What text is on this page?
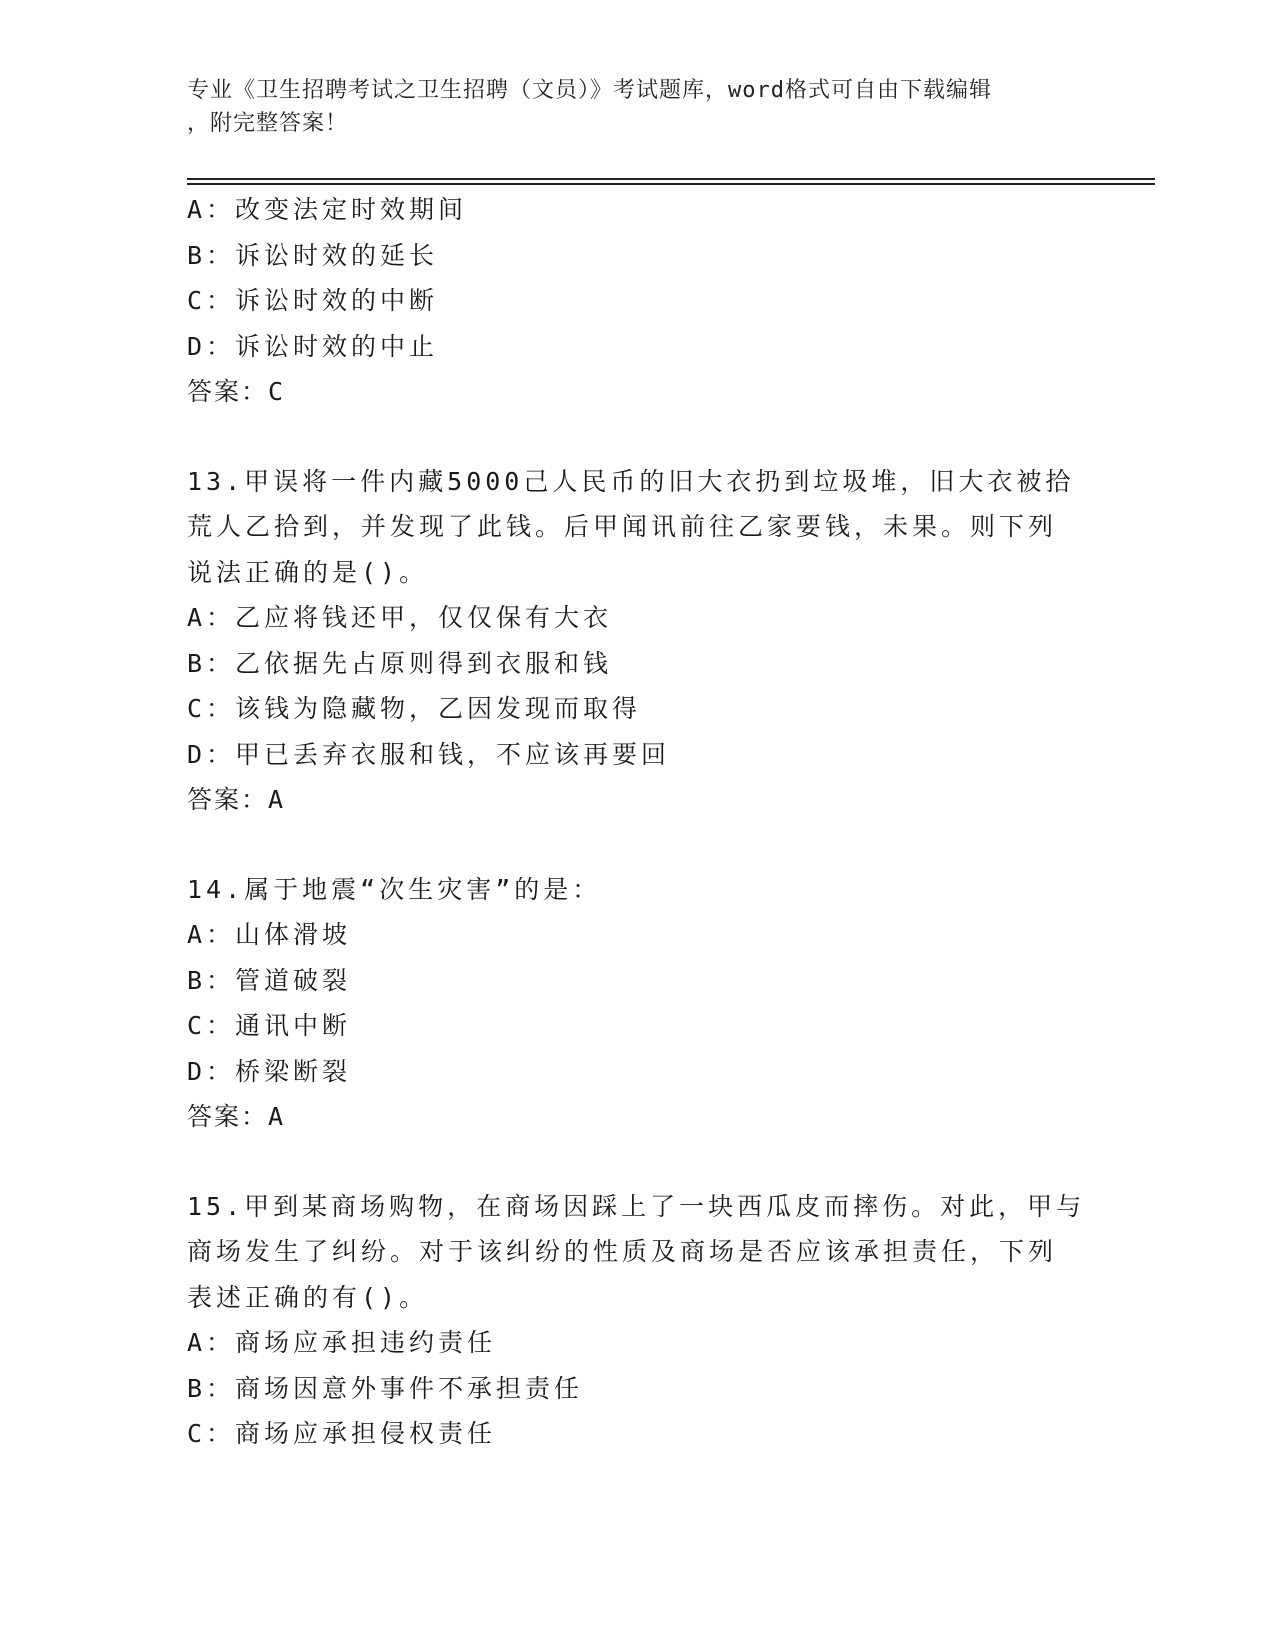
专业《卫生招聘考试之卫生招聘（文员）》考试题库，word格式可自由下载编辑
，附完整答案！
A：改变法定时效期间
B：诉讼时效的延长
C：诉讼时效的中断
D：诉讼时效的中止
答案：C
13.甲误将一件内藏5000己人民币的旧大衣扔到垃圾堆，旧大衣被拾
荒人乙拾到，并发现了此钱。后甲闻讯前往乙家要钱，未果。则下列
说法正确的是()。
A：乙应将钱还甲，仅仅保有大衣
B：乙依据先占原则得到衣服和钱
C：该钱为隐藏物，乙因发现而取得
D：甲已丢弃衣服和钱，不应该再要回
答案：A
14.属于地震“次生灾害”的是：
A：山体滑坡
B：管道破裂
C：通讯中断
D：桥梁断裂
答案：A
15.甲到某商场购物，在商场因踩上了一块西瓜皮而摔伤。对此，甲与
商场发生了纠纷。对于该纠纷的性质及商场是否应该承担责任，下列
表述正确的有()。
A：商场应承担违约责任
B：商场因意外事件不承担责任
C：商场应承担侵权责任
